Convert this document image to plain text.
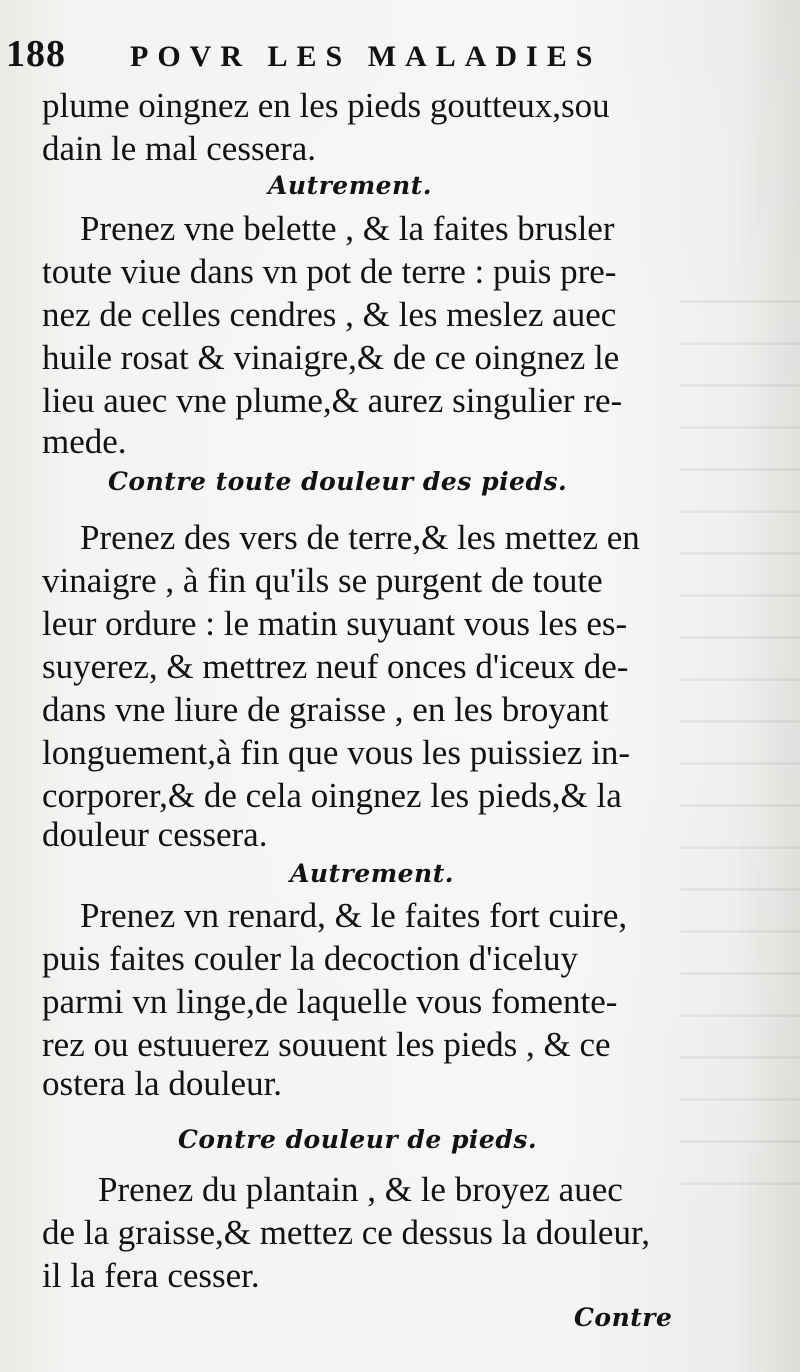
188 POVR LES MALADIES
plume oingnez en les pieds goutteux,sou
dain le mal cessera.
Autrement.
Prenez vne belette , & la faites brusler
toute viue dans vn pot de terre : puis pre-
nez de celles cendres , & les meslez auec
huile rosat & vinaigre,& de ce oingnez le
lieu auec vne plume,& aurez singulier re-
mede.
Contre toute douleur des pieds.
Prenez des vers de terre,& les mettez en
vinaigre , à fin qu'ils se purgent de toute
leur ordure : le matin suyuant vous les es-
suyerez, & mettrez neuf onces d'iceux de-
dans vne liure de graisse , en les broyant
longuement,à fin que vous les puissiez in-
corporer,& de cela oingnez les pieds,& la
douleur cessera.
Autrement.
Prenez vn renard, & le faites fort cuire,
puis faites couler la decoction d'iceluy
parmi vn linge,de laquelle vous fomente-
rez ou estuuerez souuent les pieds , & ce
ostera la douleur.
Contre douleur de pieds.
Prenez du plantain , & le broyez auec
de la graisse,& mettez ce dessus la douleur,
il la fera cesser.
Contre
